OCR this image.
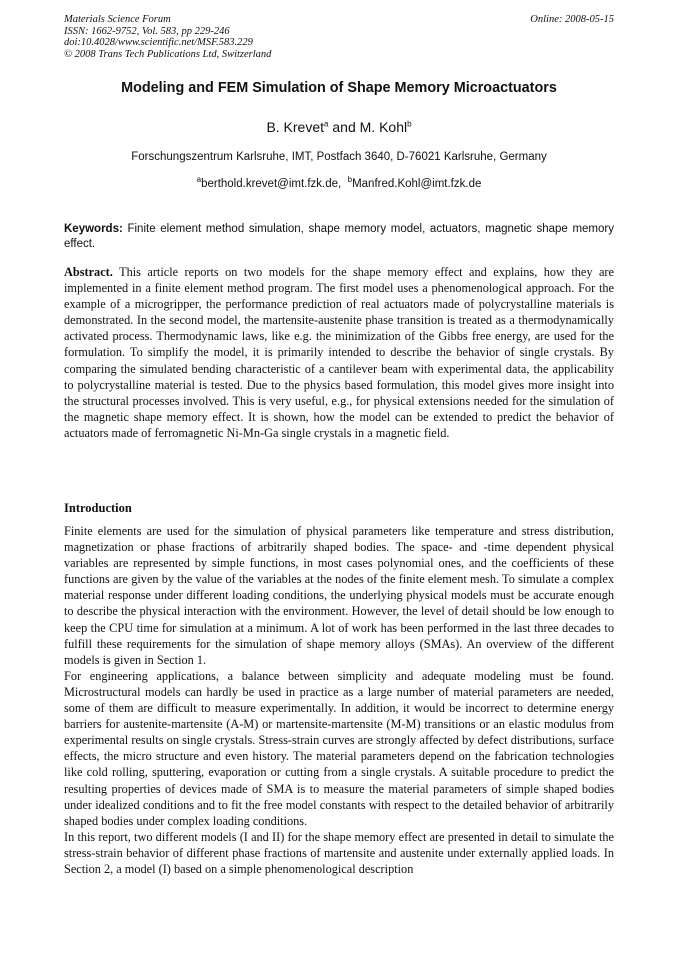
Materials Science Forum
ISSN: 1662-9752, Vol. 583, pp 229-246
doi:10.4028/www.scientific.net/MSF.583.229
© 2008 Trans Tech Publications Ltd, Switzerland
Online: 2008-05-15
Modeling and FEM Simulation of Shape Memory Microactuators
B. Krevet$^a$ and M. Kohl$^b$
Forschungszentrum Karlsruhe, IMT, Postfach 3640, D-76021 Karlsruhe, Germany
$^a$berthold.krevet@imt.fzk.de, $^b$Manfred.Kohl@imt.fzk.de
Keywords: Finite element method simulation, shape memory model, actuators, magnetic shape memory effect.
Abstract. This article reports on two models for the shape memory effect and explains, how they are implemented in a finite element method program. The first model uses a phenomenological approach. For the example of a microgripper, the performance prediction of real actuators made of polycrystalline materials is demonstrated. In the second model, the martensite-austenite phase transition is treated as a thermodynamically activated process. Thermodynamic laws, like e.g. the minimization of the Gibbs free energy, are used for the formulation. To simplify the model, it is primarily intended to describe the behavior of single crystals. By comparing the simulated bending characteristic of a cantilever beam with experimental data, the applicability to polycrystalline material is tested. Due to the physics based formulation, this model gives more insight into the structural processes involved. This is very useful, e.g., for physical extensions needed for the simulation of the magnetic shape memory effect. It is shown, how the model can be extended to predict the behavior of actuators made of ferromagnetic Ni-Mn-Ga single crystals in a magnetic field.
Introduction

Finite elements are used for the simulation of physical parameters like temperature and stress distribution, magnetization or phase fractions of arbitrarily shaped bodies. The space- and -time dependent physical variables are represented by simple functions, in most cases polynomial ones, and the coefficients of these functions are given by the value of the variables at the nodes of the finite element mesh. To simulate a complex material response under different loading conditions, the underlying physical models must be accurate enough to describe the physical interaction with the environment. However, the level of detail should be low enough to keep the CPU time for simulation at a minimum. A lot of work has been performed in the last three decades to fulfill these requirements for the simulation of shape memory alloys (SMAs). An overview of the different models is given in Section 1.

For engineering applications, a balance between simplicity and adequate modeling must be found. Microstructural models can hardly be used in practice as a large number of material parameters are needed, some of them are difficult to measure experimentally. In addition, it would be incorrect to determine energy barriers for austenite-martensite (A-M) or martensite-martensite (M-M) transitions or an elastic modulus from experimental results on single crystals. Stress-strain curves are strongly affected by defect distributions, surface effects, the micro structure and even history. The material parameters depend on the fabrication technologies like cold rolling, sputtering, evaporation or cutting from a single crystals. A suitable procedure to predict the resulting properties of devices made of SMA is to measure the material parameters of simple shaped bodies under idealized conditions and to fit the free model constants with respect to the detailed behavior of arbitrarily shaped bodies under complex loading conditions.

In this report, two different models (I and II) for the shape memory effect are presented in detail to simulate the stress-strain behavior of different phase fractions of martensite and austenite under externally applied loads. In Section 2, a model (I) based on a simple phenomenological description
